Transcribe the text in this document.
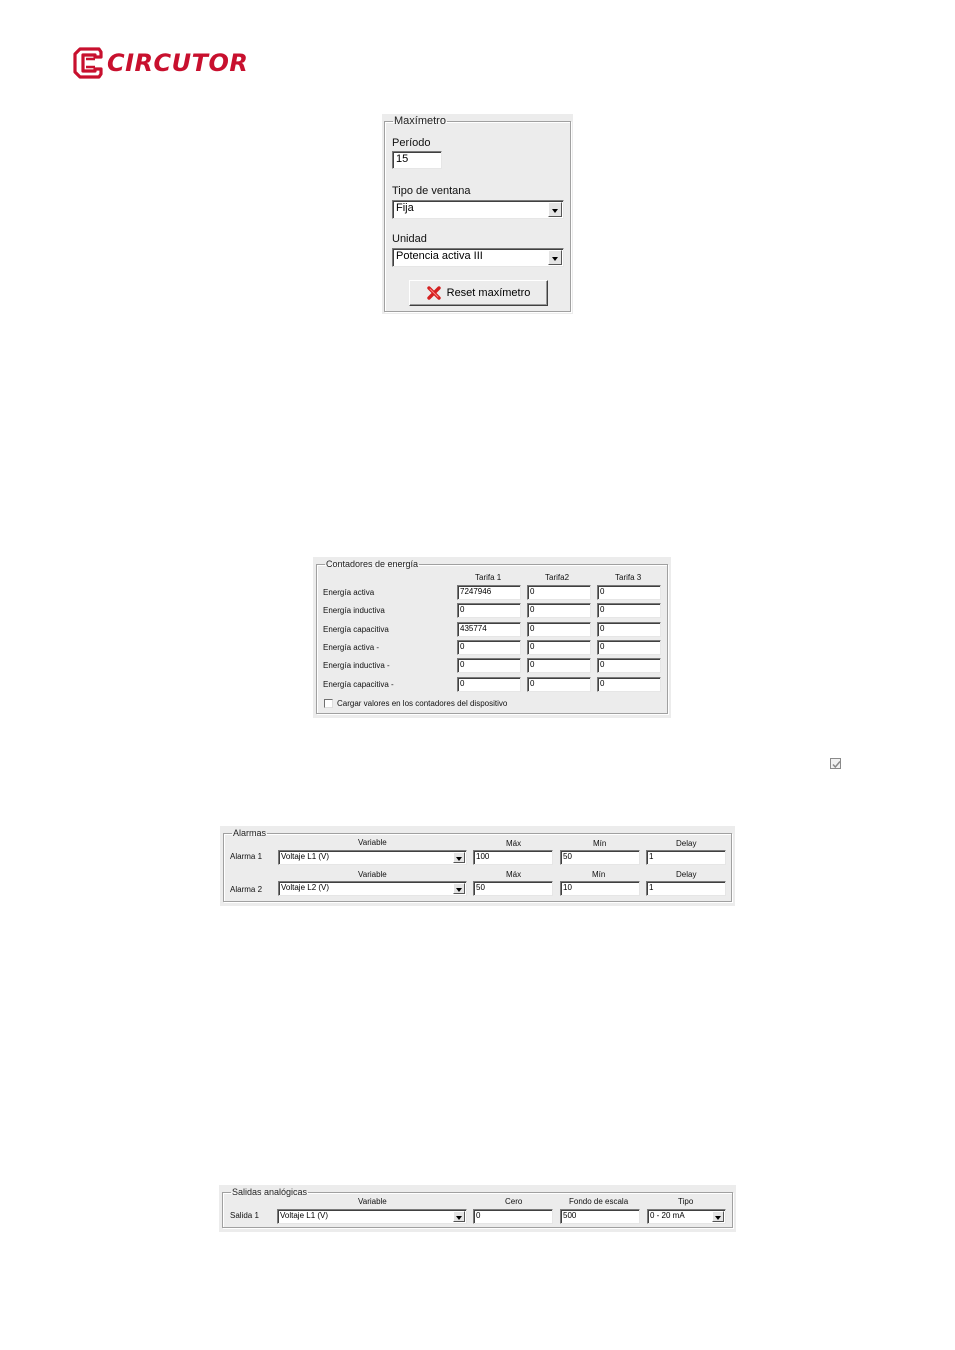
CIRCUTOR
Maxímetro
Período
15
Tipo de ventana
Fija
Unidad
Potencia activa III
Reset maxímetro
Contadores de energía
Tarifa 1	Tarifa2	Tarifa 3
Energía activa	7247946	0	0
Energía inductiva	0	0	0
Energía capacitiva	435774	0	0
Energía activa -	0	0	0
Energía inductiva -	0	0	0
Energía capacitiva -	0	0	0
Cargar valores en los contadores del dispositivo
Alarmas
Variable	Máx	Mín	Delay
Alarma 1	Voltaje L1 (V)	100	50	1
Variable	Máx	Mín	Delay
Alarma 2	Voltaje L2 (V)	50	10	1
Salidas analógicas
Variable	Cero	Fondo de escala	Tipo
Salida 1	Voltaje L1 (V)	0	500	0 - 20 mA
